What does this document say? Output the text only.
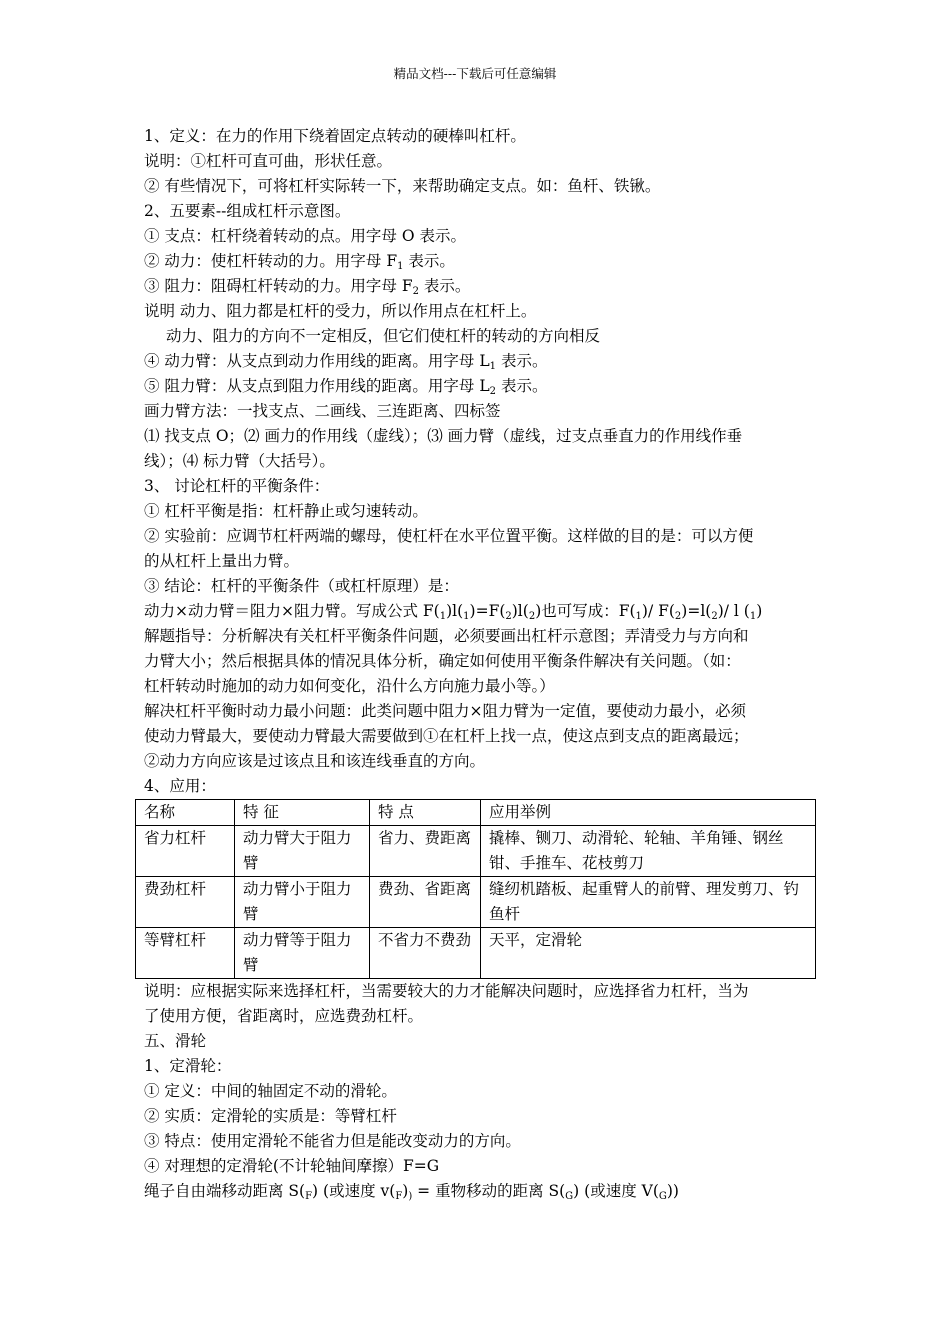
精品文档---下载后可任意编辑
1、定义：在力的作用下绕着固定点转动的硬棒叫杠杆。
说明：①杠杆可直可曲，形状任意。
② 有些情况下，可将杠杆实际转一下，来帮助确定支点。如：鱼杆、铁锹。
2、五要素--组成杠杆示意图。
① 支点：杠杆绕着转动的点。用字母 O 表示。
② 动力：使杠杆转动的力。用字母 $F_1$ 表示。
③ 阻力：阻碍杠杆转动的力。用字母 $F_2$ 表示。
说明 动力、阻力都是杠杆的受力，所以作用点在杠杆上。
动力、阻力的方向不一定相反，但它们使杠杆的转动的方向相反
④ 动力臂：从支点到动力作用线的距离。用字母 $L_1$ 表示。
⑤ 阻力臂：从支点到阻力作用线的距离。用字母 $L_2$ 表示。
画力臂方法：一找支点、二画线、三连距离、四标签
⑴ 找支点 O；⑵ 画力的作用线（虚线）；⑶ 画力臂（虚线，过支点垂直力的作用线作垂
线）；⑷ 标力臂（大括号）。
3、 讨论杠杆的平衡条件：
① 杠杆平衡是指：杠杆静止或匀速转动。
② 实验前：应调节杠杆两端的螺母，使杠杆在水平位置平衡。这样做的目的是：可以方便
的从杠杆上量出力臂。
③ 结论：杠杆的平衡条件（或杠杆原理）是：
动力×动力臂＝阻力×阻力臂。写成公式 $F(_1)l(_1)=F(_2)l(_2)$也可写成：$F(_1)/$ $F(_2)=l(_2)/$ l $(_1)$
解题指导：分析解决有关杠杆平衡条件问题，必须要画出杠杆示意图；弄清受力与方向和
力臂大小；然后根据具体的情况具体分析，确定如何使用平衡条件解决有关问题。（如：
杠杆转动时施加的动力如何变化，沿什么方向施力最小等。）
解决杠杆平衡时动力最小问题：此类问题中阻力×阻力臂为一定值，要使动力最小，必须
使动力臂最大，要使动力臂最大需要做到①在杠杆上找一点，使这点到支点的距离最远；
②动力方向应该是过该点且和该连线垂直的方向。
4、应用：
名称	特 征	特 点	应用举例
省力杠杆	动力臂大于阻力臂	省力、费距离	撬棒、铡刀、动滑轮、轮轴、羊角锤、钢丝钳、手推车、花枝剪刀
费劲杠杆	动力臂小于阻力臂	费劲、省距离	缝纫机踏板、起重臂人的前臂、理发剪刀、钓鱼杆
等臂杠杆	动力臂等于阻力臂	不省力不费劲	天平，定滑轮
说明：应根据实际来选择杠杆，当需要较大的力才能解决问题时，应选择省力杠杆，当为
了使用方便，省距离时，应选费劲杠杆。
五、滑轮
1、定滑轮：
① 定义：中间的轴固定不动的滑轮。
② 实质：定滑轮的实质是：等臂杠杆
③ 特点：使用定滑轮不能省力但是能改变动力的方向。
④ 对理想的定滑轮(不计轮轴间摩擦）F=G
绳子自由端移动距离 $S(_F)$ (或速度 $v(_F)_)$ = 重物移动的距离 $S(_G)$ (或速度 $V(_G)$)
